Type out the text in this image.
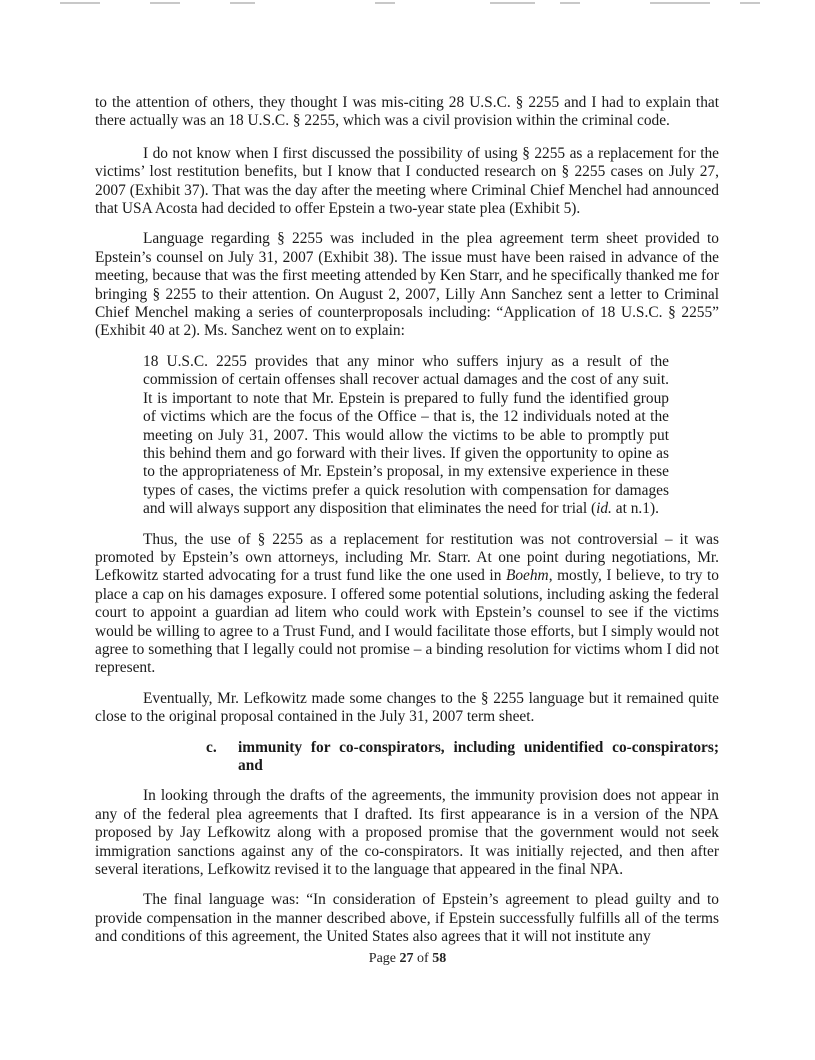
to the attention of others, they thought I was mis-citing 28 U.S.C. § 2255 and I had to explain that there actually was an 18 U.S.C. § 2255, which was a civil provision within the criminal code.

I do not know when I first discussed the possibility of using § 2255 as a replacement for the victims’ lost restitution benefits, but I know that I conducted research on § 2255 cases on July 27, 2007 (Exhibit 37). That was the day after the meeting where Criminal Chief Menchel had announced that USA Acosta had decided to offer Epstein a two-year state plea (Exhibit 5).

Language regarding § 2255 was included in the plea agreement term sheet provided to Epstein’s counsel on July 31, 2007 (Exhibit 38). The issue must have been raised in advance of the meeting, because that was the first meeting attended by Ken Starr, and he specifically thanked me for bringing § 2255 to their attention. On August 2, 2007, Lilly Ann Sanchez sent a letter to Criminal Chief Menchel making a series of counterproposals including: “Application of 18 U.S.C. § 2255” (Exhibit 40 at 2). Ms. Sanchez went on to explain:

18 U.S.C. 2255 provides that any minor who suffers injury as a result of the commission of certain offenses shall recover actual damages and the cost of any suit. It is important to note that Mr. Epstein is prepared to fully fund the identified group of victims which are the focus of the Office – that is, the 12 individuals noted at the meeting on July 31, 2007. This would allow the victims to be able to promptly put this behind them and go forward with their lives. If given the opportunity to opine as to the appropriateness of Mr. Epstein’s proposal, in my extensive experience in these types of cases, the victims prefer a quick resolution with compensation for damages and will always support any disposition that eliminates the need for trial (id. at n.1).

Thus, the use of § 2255 as a replacement for restitution was not controversial – it was promoted by Epstein’s own attorneys, including Mr. Starr. At one point during negotiations, Mr. Lefkowitz started advocating for a trust fund like the one used in Boehm, mostly, I believe, to try to place a cap on his damages exposure. I offered some potential solutions, including asking the federal court to appoint a guardian ad litem who could work with Epstein’s counsel to see if the victims would be willing to agree to a Trust Fund, and I would facilitate those efforts, but I simply would not agree to something that I legally could not promise – a binding resolution for victims whom I did not represent.

Eventually, Mr. Lefkowitz made some changes to the § 2255 language but it remained quite close to the original proposal contained in the July 31, 2007 term sheet.

c.	immunity for co-conspirators, including unidentified co-conspirators; and

In looking through the drafts of the agreements, the immunity provision does not appear in any of the federal plea agreements that I drafted. Its first appearance is in a version of the NPA proposed by Jay Lefkowitz along with a proposed promise that the government would not seek immigration sanctions against any of the co-conspirators. It was initially rejected, and then after several iterations, Lefkowitz revised it to the language that appeared in the final NPA.

The final language was: “In consideration of Epstein’s agreement to plead guilty and to provide compensation in the manner described above, if Epstein successfully fulfills all of the terms and conditions of this agreement, the United States also agrees that it will not institute any

Page 27 of 58
